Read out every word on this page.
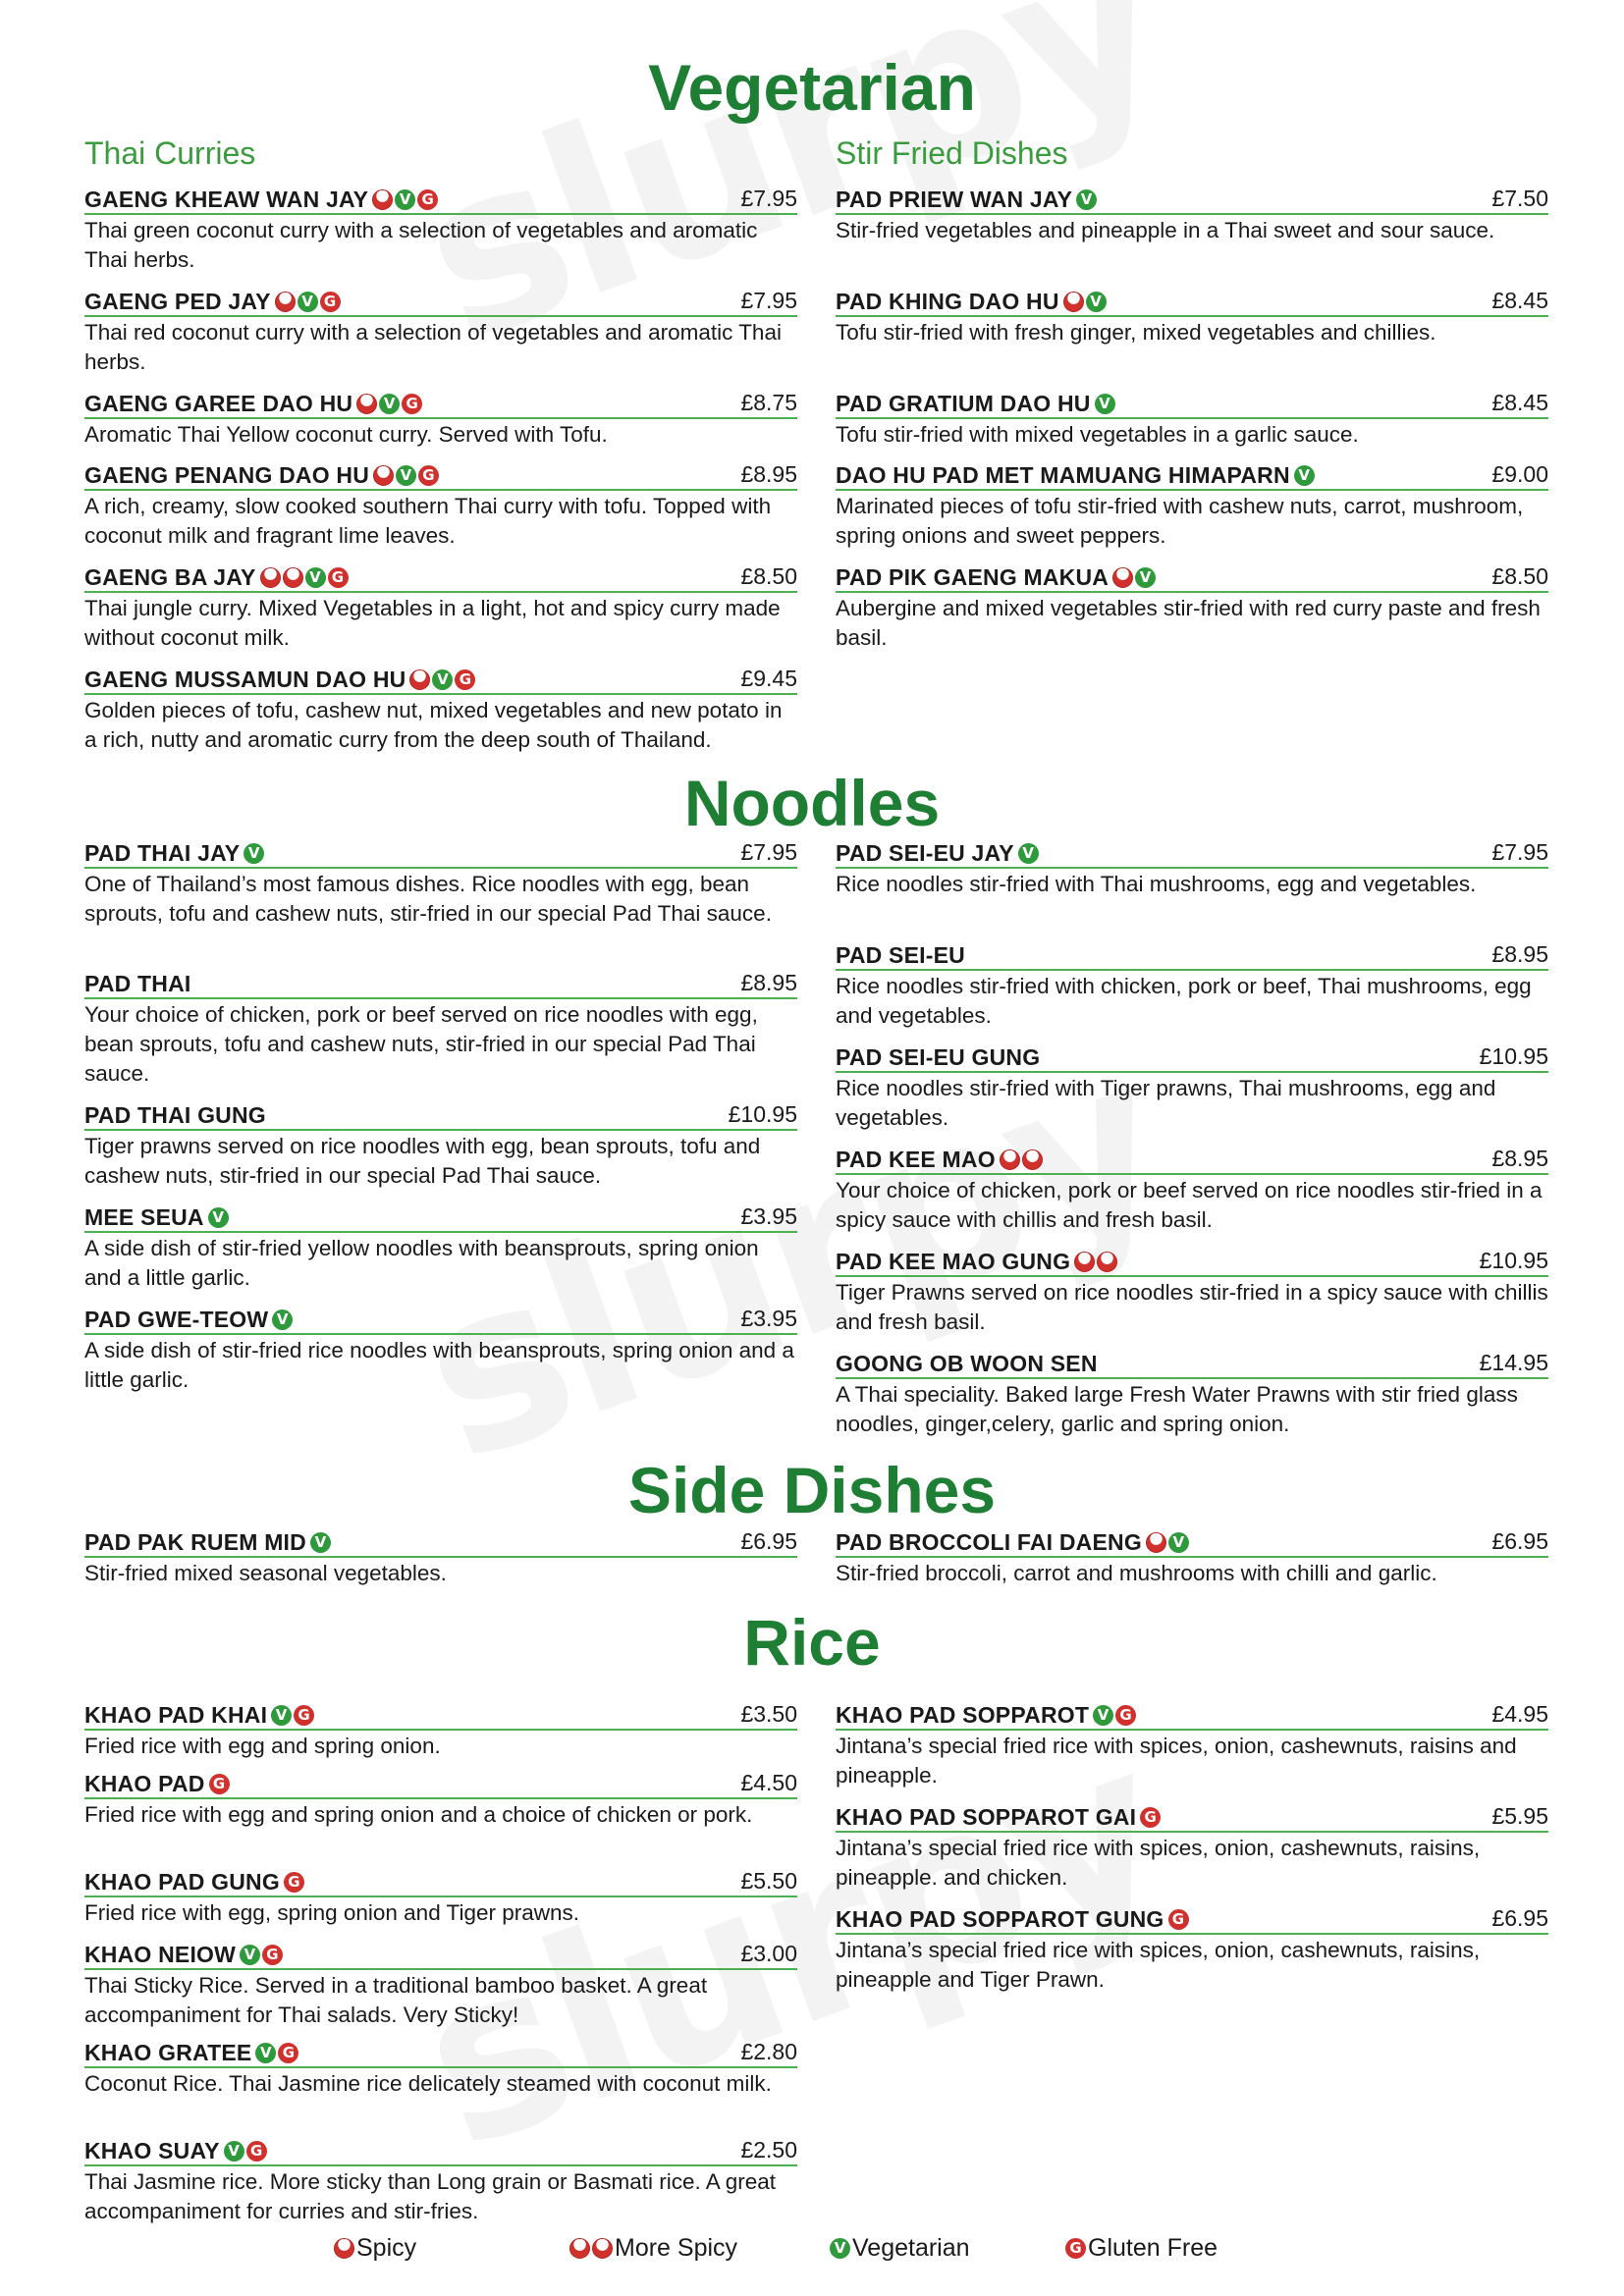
Vegetarian
Thai Curries	Stir Fried Dishes
Noodles
Side Dishes
Rice
GAENG KHEAW WAN JAY V G	£7.95
Thai green coconut curry with a selection of vegetables and aromatic Thai herbs.
GAENG PED JAY V G	£7.95
Thai red coconut curry with a selection of vegetables and aromatic Thai herbs.
GAENG GAREE DAO HU V G	£8.75
Aromatic Thai Yellow coconut curry. Served with Tofu.
GAENG PENANG DAO HU V G	£8.95
A rich, creamy, slow cooked southern Thai curry with tofu. Topped with coconut milk and fragrant lime leaves.
GAENG BA JAY V G	£8.50
Thai jungle curry. Mixed Vegetables in a light, hot and spicy curry made without coconut milk.
GAENG MUSSAMUN DAO HU V G	£9.45
Golden pieces of tofu, cashew nut, mixed vegetables and new potato in a rich, nutty and aromatic curry from the deep south of Thailand.
PAD PRIEW WAN JAY V	£7.50
Stir-fried vegetables and pineapple in a Thai sweet and sour sauce.
PAD KHING DAO HU V	£8.45
Tofu stir-fried with fresh ginger, mixed vegetables and chillies.
PAD GRATIUM DAO HU V	£8.45
Tofu stir-fried with mixed vegetables in a garlic sauce.
DAO HU PAD MET MAMUANG HIMAPARN V	£9.00
Marinated pieces of tofu stir-fried with cashew nuts, carrot, mushroom, spring onions and sweet peppers.
PAD PIK GAENG MAKUA V	£8.50
Aubergine and mixed vegetables stir-fried with red curry paste and fresh basil.
PAD THAI JAY V	£7.95
One of Thailand’s most famous dishes. Rice noodles with egg, bean sprouts, tofu and cashew nuts, stir-fried in our special Pad Thai sauce.
PAD THAI	£8.95
Your choice of chicken, pork or beef served on rice noodles with egg, bean sprouts, tofu and cashew nuts, stir-fried in our special Pad Thai sauce.
PAD THAI GUNG	£10.95
Tiger prawns served on rice noodles with egg, bean sprouts, tofu and cashew nuts, stir-fried in our special Pad Thai sauce.
MEE SEUA V	£3.95
A side dish of stir-fried yellow noodles with beansprouts, spring onion and a little garlic.
PAD GWE-TEOW V	£3.95
A side dish of stir-fried rice noodles with beansprouts, spring onion and a little garlic.
PAD SEI-EU JAY V	£7.95
Rice noodles stir-fried with Thai mushrooms, egg and vegetables.
PAD SEI-EU	£8.95
Rice noodles stir-fried with chicken, pork or beef, Thai mushrooms, egg and vegetables.
PAD SEI-EU GUNG	£10.95
Rice noodles stir-fried with Tiger prawns, Thai mushrooms, egg and vegetables.
PAD KEE MAO	£8.95
Your choice of chicken, pork or beef served on rice noodles stir-fried in a spicy sauce with chillis and fresh basil.
PAD KEE MAO GUNG	£10.95
Tiger Prawns served on rice noodles stir-fried in a spicy sauce with chillis and fresh basil.
GOONG OB WOON SEN	£14.95
A Thai speciality. Baked large Fresh Water Prawns with stir fried glass noodles, ginger,celery, garlic and spring onion.
PAD PAK RUEM MID V	£6.95
Stir-fried mixed seasonal vegetables.
PAD BROCCOLI FAI DAENG V	£6.95
Stir-fried broccoli, carrot and mushrooms with chilli and garlic.
KHAO PAD KHAI V G	£3.50
Fried rice with egg and spring onion.
KHAO PAD G	£4.50
Fried rice with egg and spring onion and a choice of chicken or pork.
KHAO PAD GUNG G	£5.50
Fried rice with egg, spring onion and Tiger prawns.
KHAO NEIOW V G	£3.00
Thai Sticky Rice. Served in a traditional bamboo basket. A great accompaniment for Thai salads. Very Sticky!
KHAO GRATEE V G	£2.80
Coconut Rice. Thai Jasmine rice delicately steamed with coconut milk.
KHAO SUAY V G	£2.50
Thai Jasmine rice. More sticky than Long grain or Basmati rice. A great accompaniment for curries and stir-fries.
KHAO PAD SOPPAROT V G	£4.95
Jintana’s special fried rice with spices, onion, cashewnuts, raisins and pineapple.
KHAO PAD SOPPAROT GAI G	£5.95
Jintana’s special fried rice with spices, onion, cashewnuts, raisins, pineapple. and chicken.
KHAO PAD SOPPAROT GUNG G	£6.95
Jintana’s special fried rice with spices, onion, cashewnuts, raisins, pineapple and Tiger Prawn.
Spicy	More Spicy V	Vegetarian G	Gluten Free
